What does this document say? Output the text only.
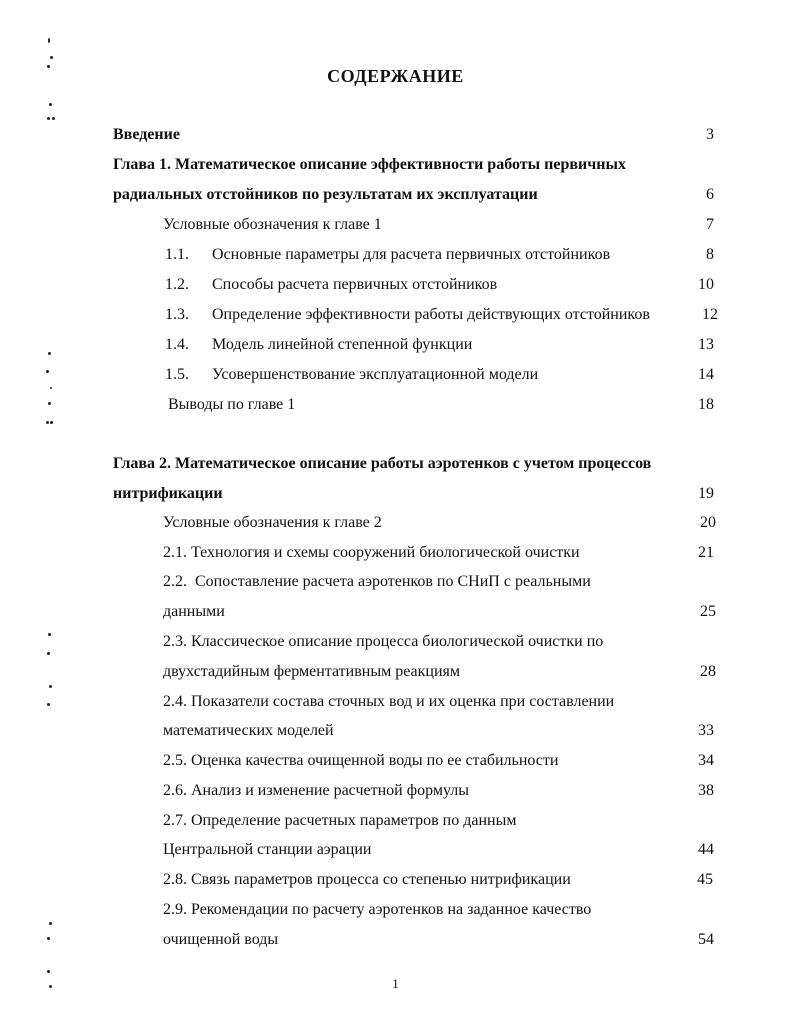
СОДЕРЖАНИЕ
Введение	3
Глава 1. Математическое описание эффективности работы первичных
радиальных отстойников по результатам их эксплуатации	6
Условные обозначения к главе 1	7
1.1. Основные параметры для расчета первичных отстойников	8
1.2. Способы расчета первичных отстойников	10
1.3. Определение эффективности работы действующих отстойников	12
1.4. Модель линейной степенной функции	13
1.5. Усовершенствование эксплуатационной модели	14
Выводы по главе 1	18
Глава 2. Математическое описание работы аэротенков с учетом процессов
нитрификации	19
Условные обозначения к главе 2	20
2.1. Технология и схемы сооружений биологической очистки	21
2.2.  Сопоставление расчета аэротенков по СНиП с реальными
данными	25
2.3. Классическое описание процесса биологической очистки по
двухстадийным ферментативным реакциям	28
2.4. Показатели состава сточных вод и их оценка при составлении
математических моделей	33
2.5. Оценка качества очищенной воды по ее стабильности	34
2.6. Анализ и изменение расчетной формулы	38
2.7. Определение расчетных параметров по данным
Центральной станции аэрации	44
2.8. Связь параметров процесса со степенью нитрификации	45
2.9. Рекомендации по расчету аэротенков на заданное качество
очищенной воды	54
1
